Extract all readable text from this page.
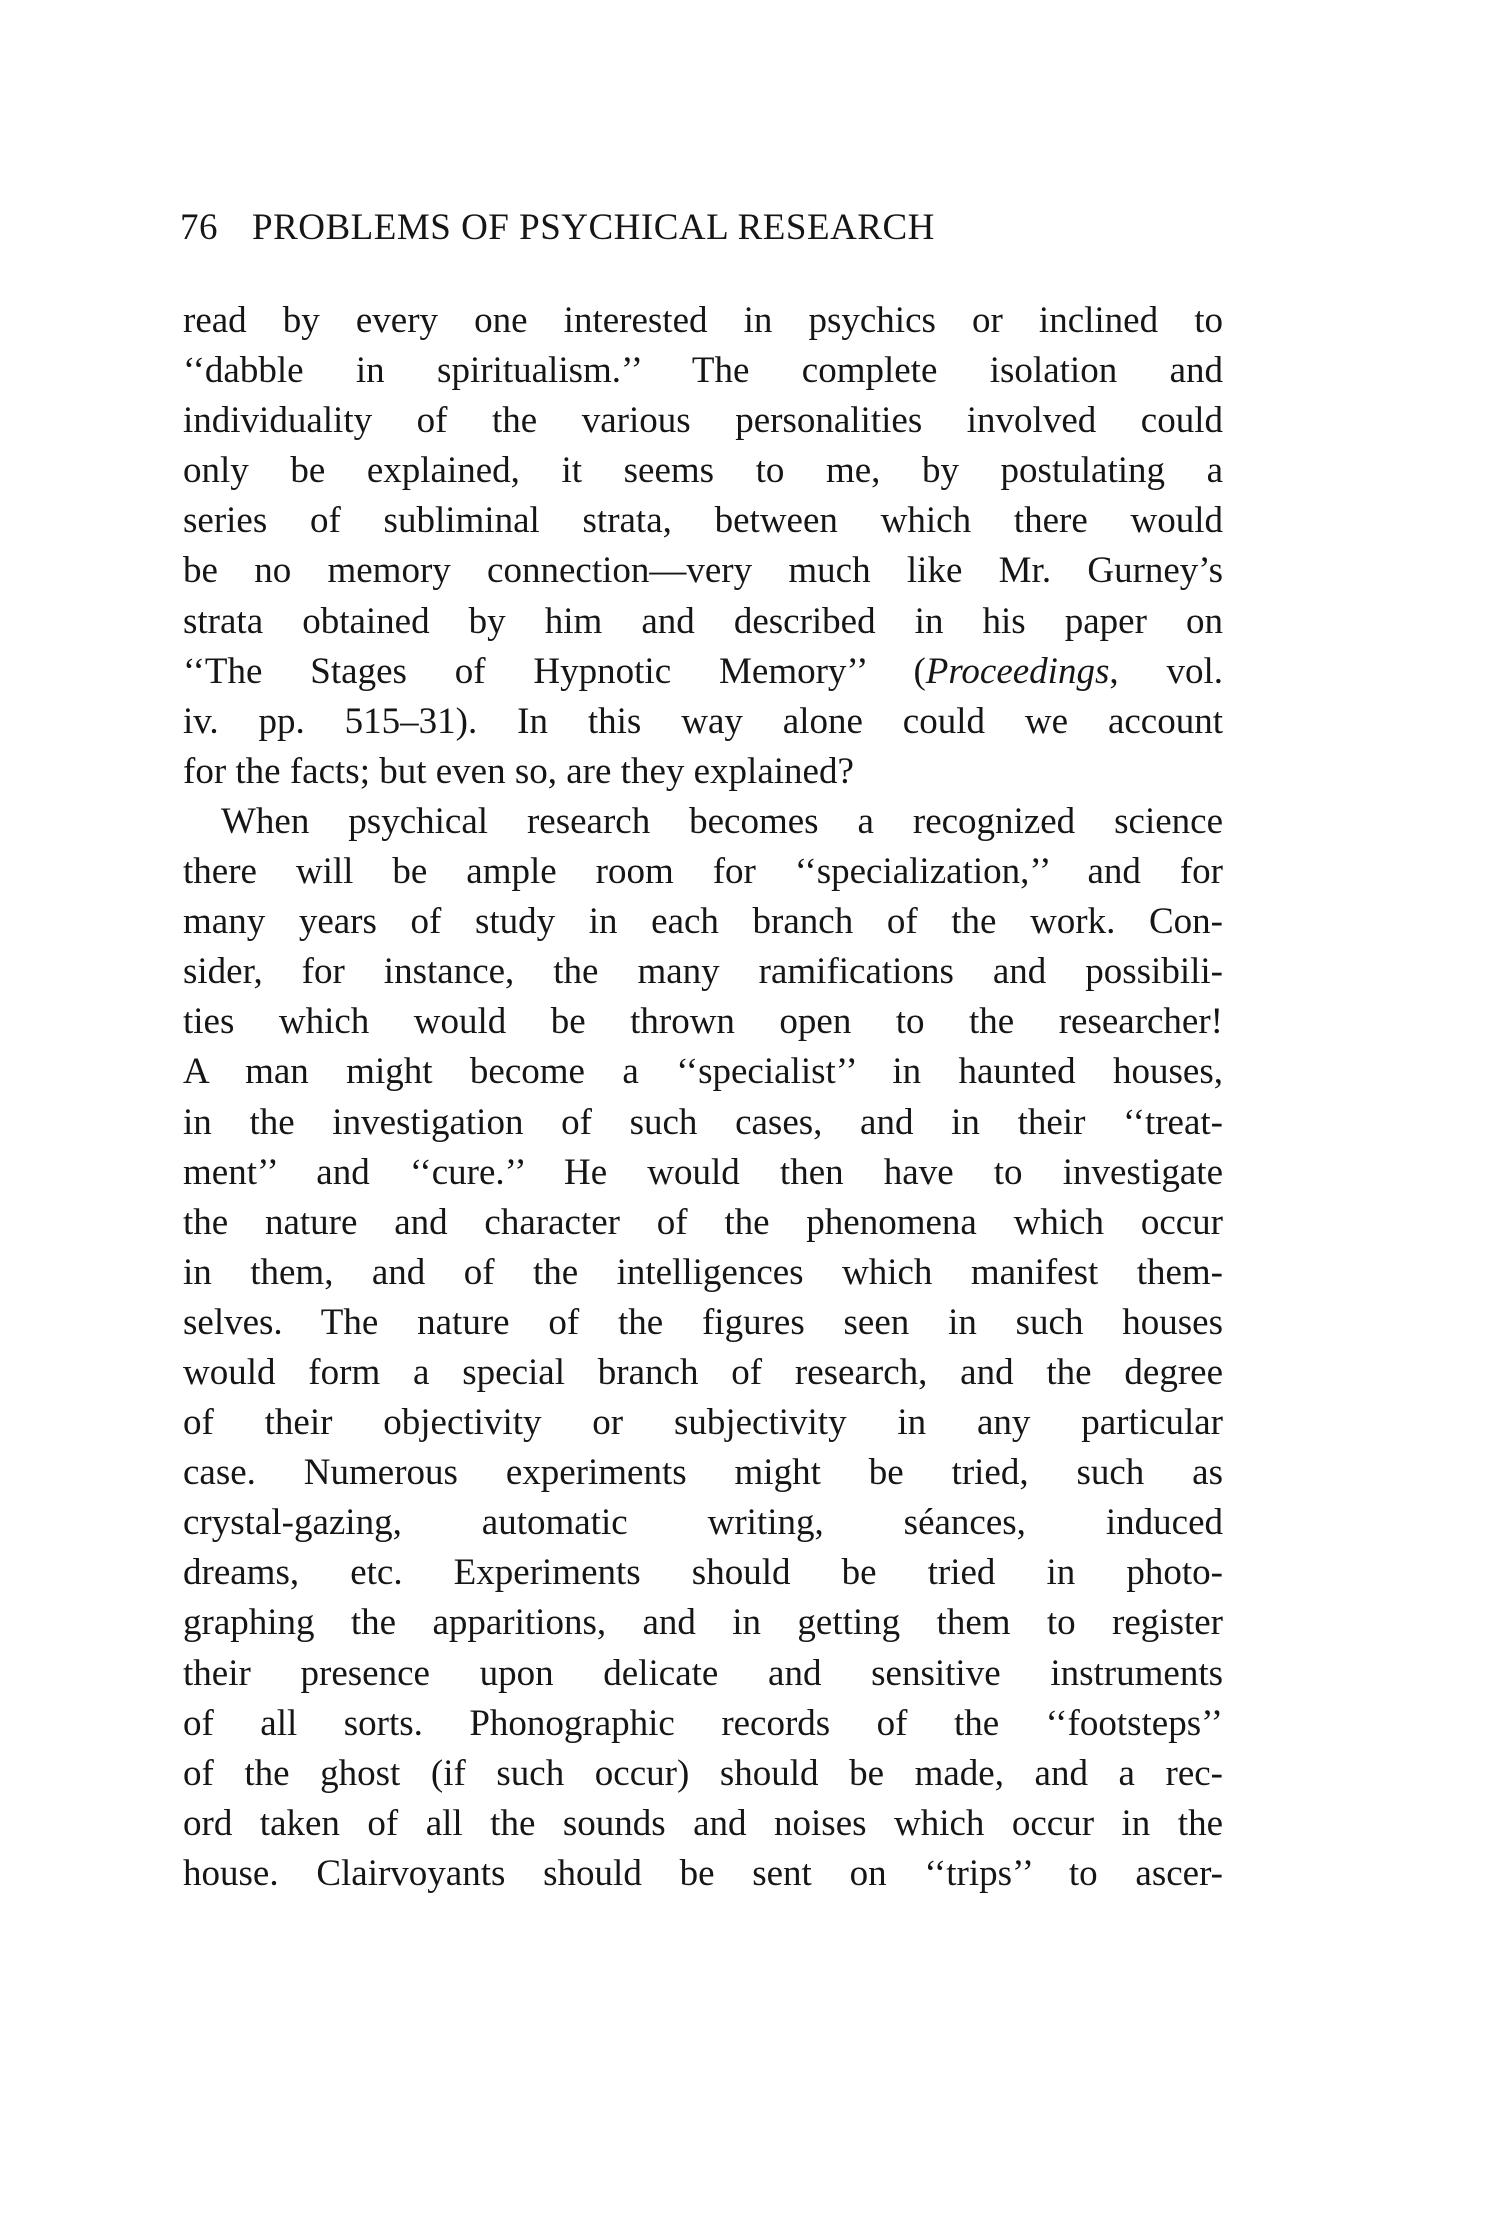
76 PROBLEMS OF PSYCHICAL RESEARCH
read by every one interested in psychics or inclined to
‘‘dabble in spiritualism.’’ The complete isolation and
individuality of the various personalities involved could
only be explained, it seems to me, by postulating a
series of subliminal strata, between which there would
be no memory connection—very much like Mr. Gurney’s
strata obtained by him and described in his paper on
‘‘The Stages of Hypnotic Memory’’ (Proceedings, vol.
iv. pp. 515–31). In this way alone could we account
for the facts; but even so, are they explained?
When psychical research becomes a recognized science
there will be ample room for ‘‘specialization,’’ and for
many years of study in each branch of the work. Con-
sider, for instance, the many ramifications and possibili-
ties which would be thrown open to the researcher!
A man might become a ‘‘specialist’’ in haunted houses,
in the investigation of such cases, and in their ‘‘treat-
ment’’ and ‘‘cure.’’ He would then have to investigate
the nature and character of the phenomena which occur
in them, and of the intelligences which manifest them-
selves. The nature of the figures seen in such houses
would form a special branch of research, and the degree
of their objectivity or subjectivity in any particular
case. Numerous experiments might be tried, such as
crystal-gazing, automatic writing, séances, induced
dreams, etc. Experiments should be tried in photo-
graphing the apparitions, and in getting them to register
their presence upon delicate and sensitive instruments
of all sorts. Phonographic records of the ‘‘footsteps’’
of the ghost (if such occur) should be made, and a rec-
ord taken of all the sounds and noises which occur in the
house. Clairvoyants should be sent on ‘‘trips’’ to ascer-
